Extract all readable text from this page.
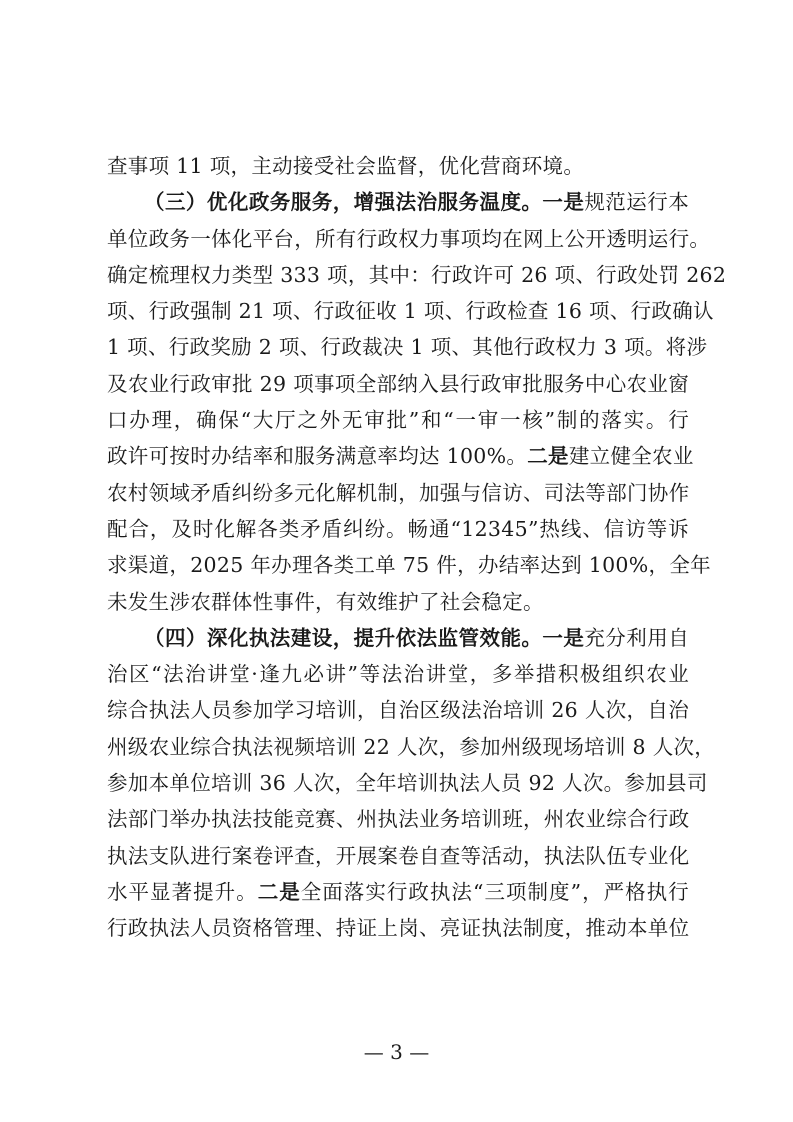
查事项 11 项，主动接受社会监督，优化营商环境。
（三）优化政务服务，增强法治服务温度。一是规范运行本
单位政务一体化平台，所有行政权力事项均在网上公开透明运行。
确定梳理权力类型 333 项，其中：行政许可 26 项、行政处罚 262
项、行政强制 21 项、行政征收 1 项、行政检查 16 项、行政确认
1 项、行政奖励 2 项、行政裁决 1 项、其他行政权力 3 项。将涉
及农业行政审批 29 项事项全部纳入县行政审批服务中心农业窗
口办理，确保“大厅之外无审批”和“一审一核”制的落实。行
政许可按时办结率和服务满意率均达 100%。二是建立健全农业
农村领域矛盾纠纷多元化解机制，加强与信访、司法等部门协作
配合，及时化解各类矛盾纠纷。畅通“12345”热线、信访等诉
求渠道，2025 年办理各类工单 75 件，办结率达到 100%，全年
未发生涉农群体性事件，有效维护了社会稳定。
（四）深化执法建设，提升依法监管效能。一是充分利用自
治区“法治讲堂·逢九必讲”等法治讲堂，多举措积极组织农业
综合执法人员参加学习培训，自治区级法治培训 26 人次，自治
州级农业综合执法视频培训 22 人次，参加州级现场培训 8 人次，
参加本单位培训 36 人次，全年培训执法人员 92 人次。参加县司
法部门举办执法技能竞赛、州执法业务培训班，州农业综合行政
执法支队进行案卷评查，开展案卷自查等活动，执法队伍专业化
水平显著提升。二是全面落实行政执法“三项制度”，严格执行
行政执法人员资格管理、持证上岗、亮证执法制度，推动本单位
— 3 —
